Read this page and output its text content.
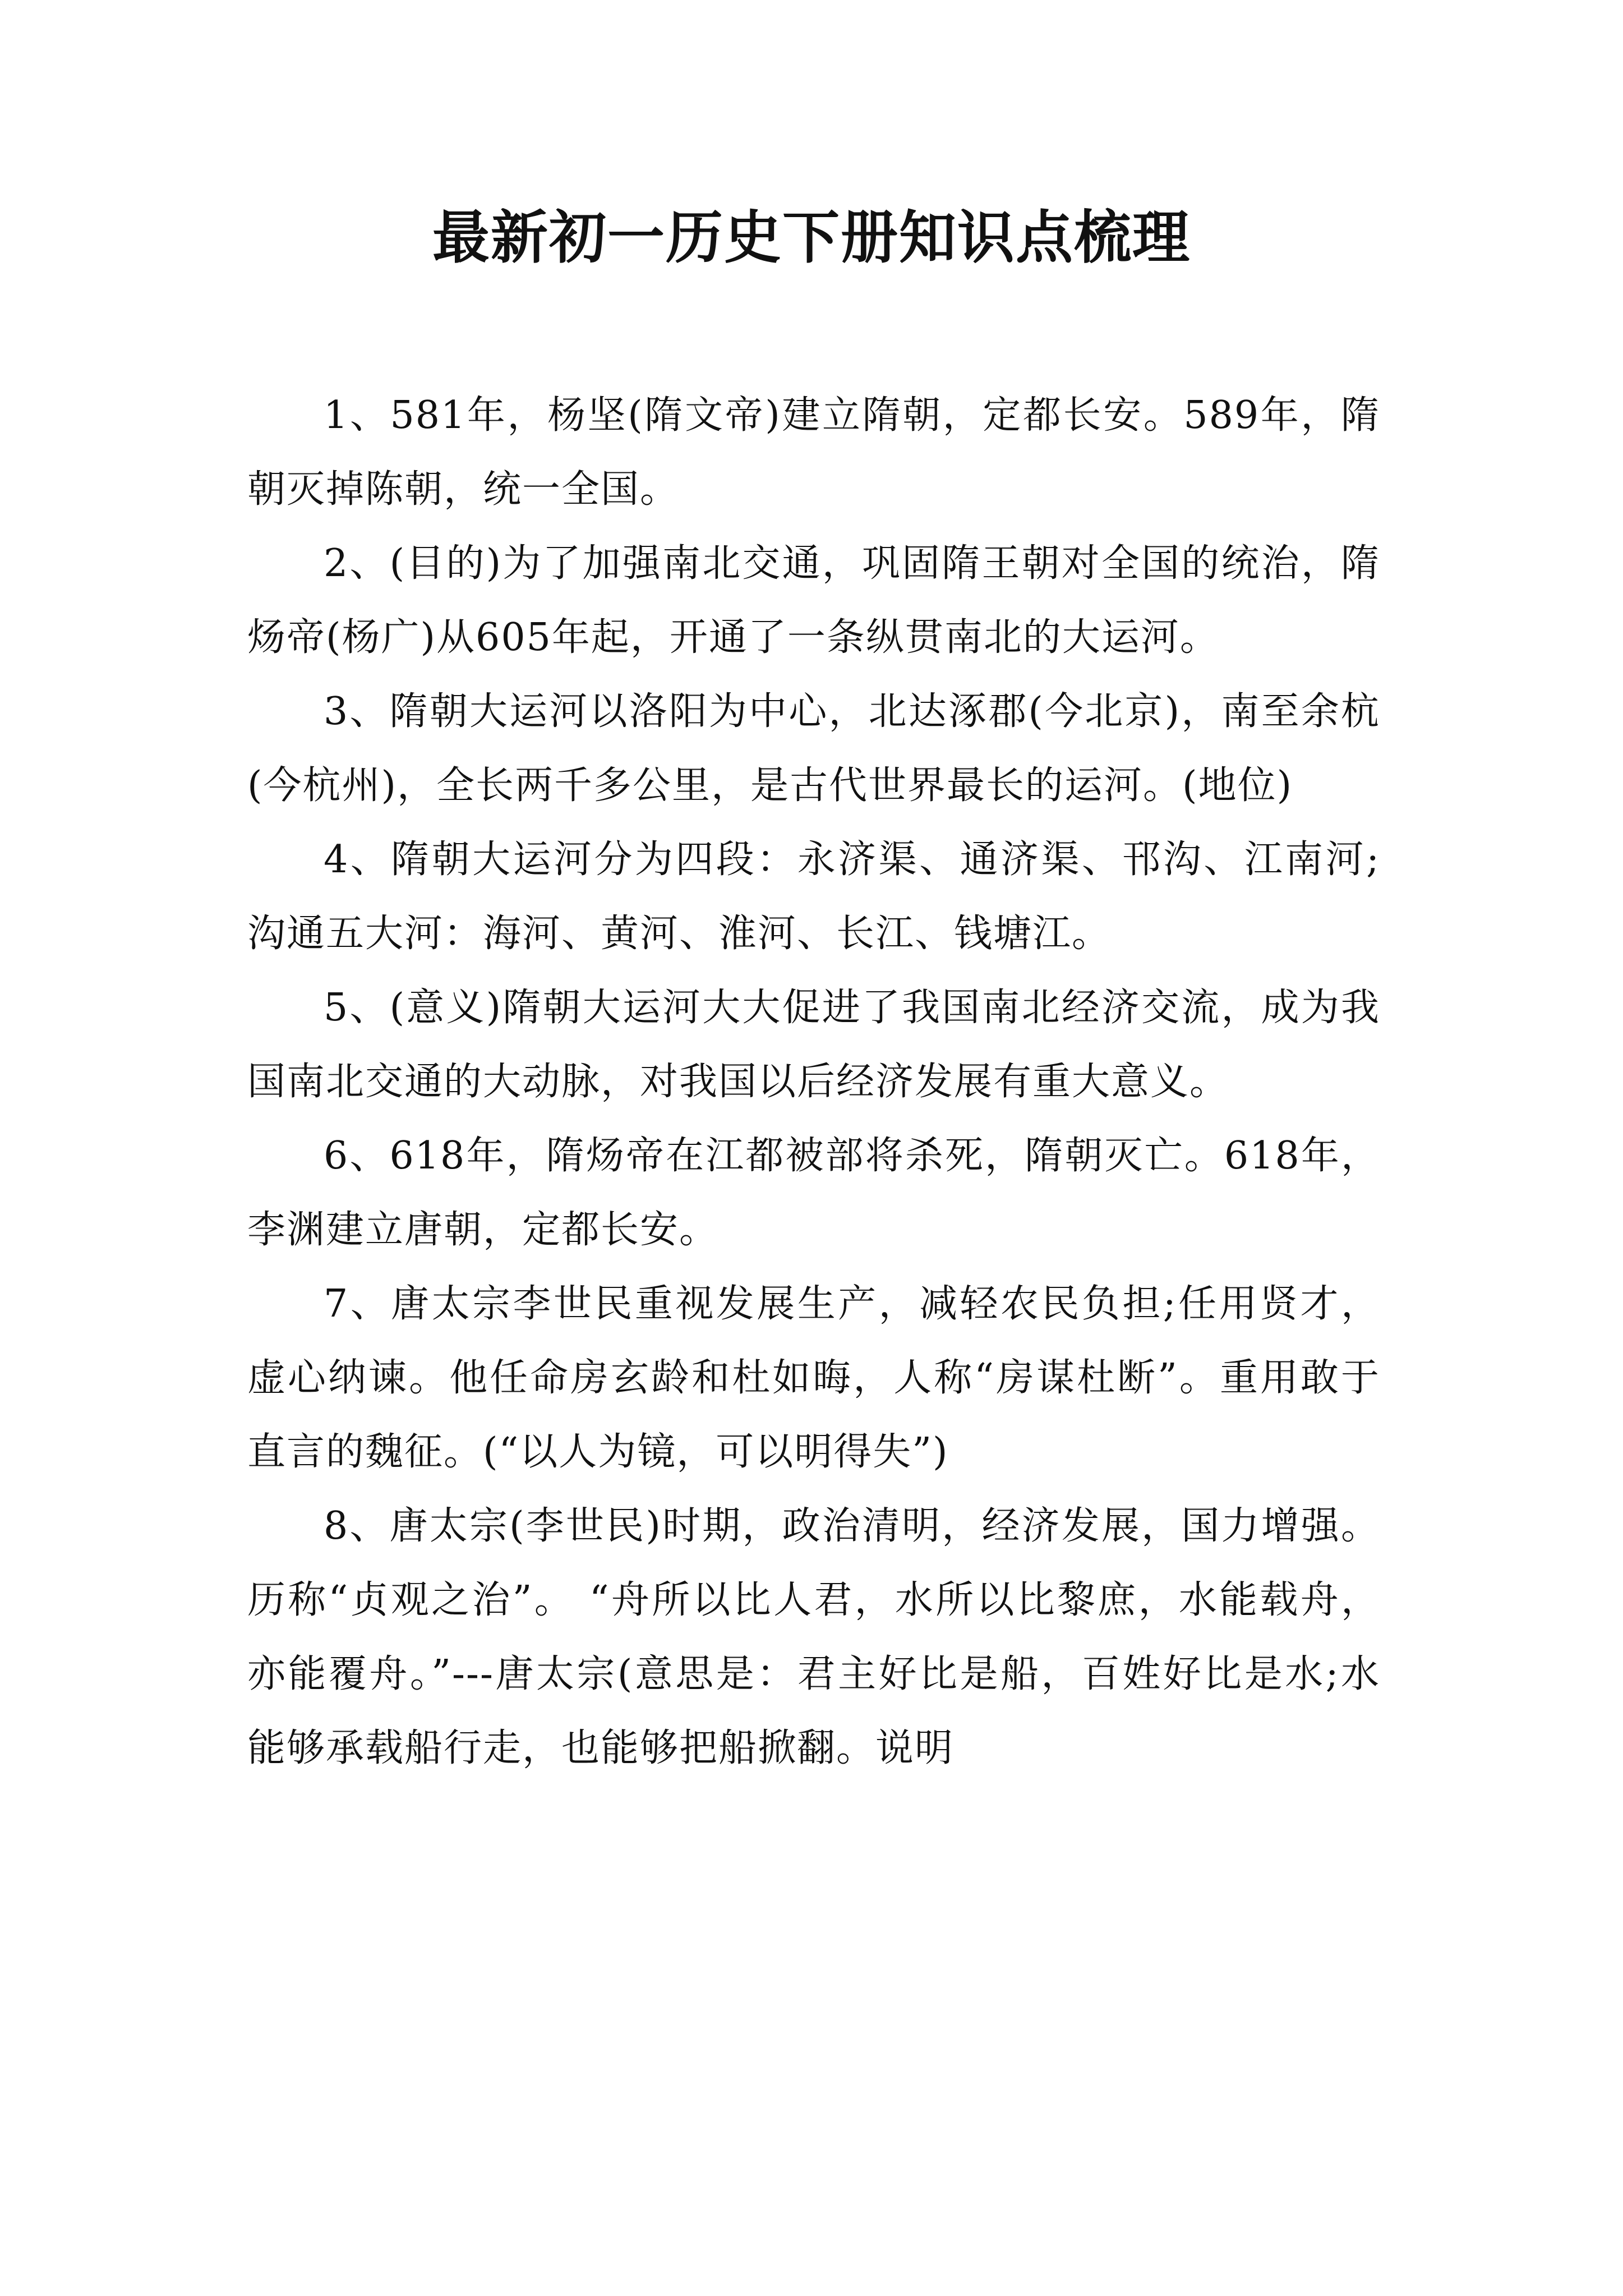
最新初一历史下册知识点梳理

1、581年，杨坚(隋文帝)建立隋朝，定都长安。589年，隋朝灭掉陈朝，统一全国。

2、(目的)为了加强南北交通，巩固隋王朝对全国的统治，隋炀帝(杨广)从605年起，开通了一条纵贯南北的大运河。

3、隋朝大运河以洛阳为中心，北达涿郡(今北京)，南至余杭(今杭州)，全长两千多公里，是古代世界最长的运河。(地位)

4、隋朝大运河分为四段：永济渠、通济渠、邗沟、江南河;沟通五大河：海河、黄河、淮河、长江、钱塘江。

5、(意义)隋朝大运河大大促进了我国南北经济交流，成为我国南北交通的大动脉，对我国以后经济发展有重大意义。

6、618年，隋炀帝在江都被部将杀死，隋朝灭亡。618年，李渊建立唐朝，定都长安。

7、唐太宗李世民重视发展生产，减轻农民负担;任用贤才，虚心纳谏。他任命房玄龄和杜如晦，人称“房谋杜断”。重用敢于直言的魏征。(“以人为镜，可以明得失”)

8、唐太宗(李世民)时期，政治清明，经济发展，国力增强。历称“贞观之治”。 “舟所以比人君，水所以比黎庶，水能载舟，亦能覆舟。”---唐太宗(意思是：君主好比是船，百姓好比是水;水能够承载船行走，也能够把船掀翻。说明
